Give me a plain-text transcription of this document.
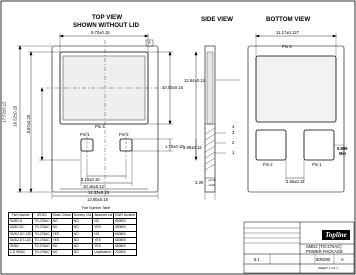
TOP VIEW
SHOWN WITHOUT LID
SIDE VIEW	BOTTOM VIEW
9.70±0.15
A
17.52±0.12 16.52±0.15 8.87±0.20
10.00±0.15
1.70±0.10
6.10±0.10
10.16±0.12
12.33±0.15
13.60±0.15
Pin 3
Pin 1	Pin 2
12.64±0.12
3.99±0.12
3.30 +0.10
-0.20
4
3
2
1
11.17±0.127
Pin 3
Pin 2	Pin 1
3.55±0.12
0.889
Min
Part Number Table
Part Number	JEDEC	Diode Check	Dummy Chk	Attached Lid	DWG Number
SMD2-H	TO-276AC	NO	NO	NO	680800
SMD2-DC	TO-276AC	NO	NO	YES	680800
SMD2-DC-12D	TO-276AC	YES	NO	NO	680800
SMD2-DT-12D	TO-276AC	YES	NO	YES	680800
SMD2	TO-276AC	NO	NO	YES	680800
1-D SMD2	TO-276AC	NO	NO	Unattached	202800
Topline
SMD2 (TO-276AC)
POWER PACKAGE
5:1	600290	A
SHEET 1 OF 1
